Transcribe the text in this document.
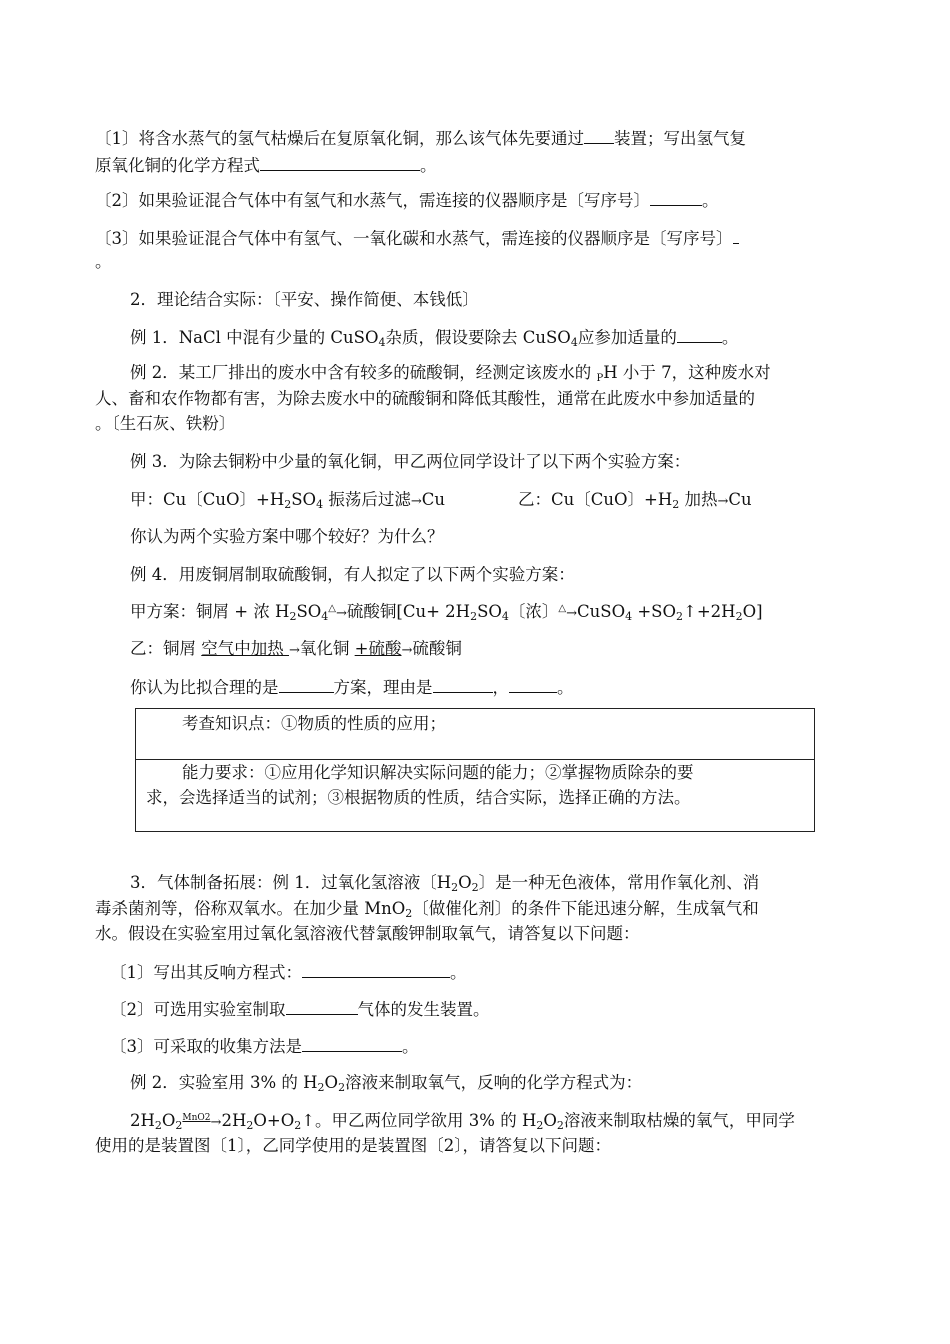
〔1〕将含水蒸气的氢气枯燥后在复原氧化铜，那么该气体先要通过 装置；写出氢气复
原氧化铜的化学方程式	。
〔2〕如果验证混合气体中有氢气和水蒸气，需连接的仪器顺序是〔写序号〕	。
〔3〕如果验证混合气体中有氢气、一氧化碳和水蒸气，需连接的仪器顺序是〔写序号〕
。
2．理论结合实际：〔平安、操作简便、本钱低〕
例 1．NaCl 中混有少量的 CuSO$_4$杂质，假设要除去 CuSO$_4$应参加适量的	。
例 2．某工厂排出的废水中含有较多的硫酸铜，经测定该废水的 $_P$H 小于 7，这种废水对
人、畜和农作物都有害，为除去废水中的硫酸铜和降低其酸性，通常在此废水中参加适量的
。〔生石灰、铁粉〕
例 3．为除去铜粉中少量的氧化铜，甲乙两位同学设计了以下两个实验方案：
甲：Cu〔CuO〕$+H_2SO_4$ 振荡后过滤→Cu	乙：Cu〔CuO〕$+H_2$ 加热→Cu
你认为两个实验方案中哪个较好？为什么？
例 4．用废铜屑制取硫酸铜，有人拟定了以下两个实验方案：
甲方案：铜屑 + 浓 $H_2SO_4^\triangle\to$硫酸铜[$Cu+ 2H_2SO_4$〔浓〕△→CuSO$_4$ $+SO_2↑+2H_2O$]
乙：铜屑 空气中加热 →氧化铜 +硫酸→硫酸铜
你认为比拟合理的是	方案，理由是	，	。
考查知识点：①物质的性质的应用；
能力要求：①应用化学知识解决实际问题的能力；②掌握物质除杂的要
求，会选择适当的试剂；③根据物质的性质，结合实际，选择正确的方法。
3．气体制备拓展：例 1．过氧化氢溶液〔$H_2O_2$〕是一种无色液体，常用作氧化剂、消
毒杀菌剂等，俗称双氧水。在加少量 MnO$_2$〔做催化剂〕的条件下能迅速分解，生成氧气和
水。假设在实验室用过氧化氢溶液代替氯酸钾制取氧气，请答复以下问题：
〔1〕写出其反响方程式：	。
〔2〕可选用实验室制取	气体的发生装置。
〔3〕可采取的收集方法是	。
例 2．实验室用 3% 的 $H_2O_2$溶液来制取氧气，反响的化学方程式为：
$2H_2O_2^{MnO2}\to 2H_2O+O_2↑$。甲乙两位同学欲用 3% 的 $H_2O_2$溶液来制取枯燥的氧气，甲同学
使用的是装置图〔1〕，乙同学使用的是装置图〔2〕，请答复以下问题：
